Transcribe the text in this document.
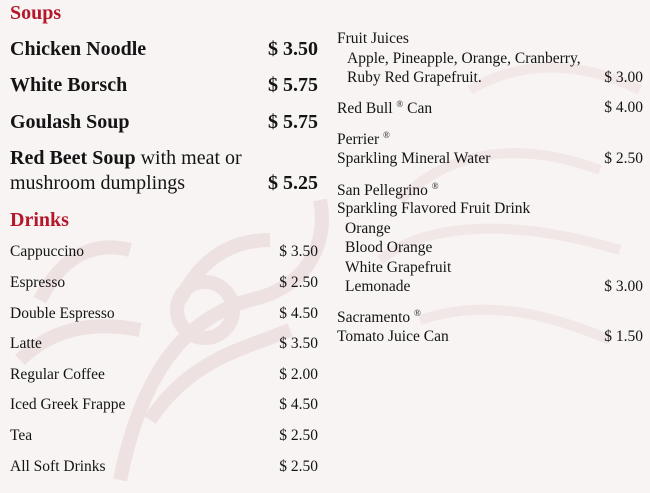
Soups
Chicken Noodle	$ 3.50
White Borsch	$ 5.75
Goulash Soup	$ 5.75
Red Beet Soup with meat or
mushroom dumplings	$ 5.25
Drinks
Cappuccino	$ 3.50
Espresso	$ 2.50
Double Espresso	$ 4.50
Latte	$ 3.50
Regular Coffee	$ 2.00
Iced Greek Frappe	$ 4.50
Tea	$ 2.50
All Soft Drinks	$ 2.50
Fruit Juices
Apple, Pineapple, Orange, Cranberry,
Ruby Red Grapefruit.	$ 3.00
Red Bull ® Can	$ 4.00
Perrier ®
Sparkling Mineral Water	$ 2.50
San Pellegrino ®
Sparkling Flavored Fruit Drink
Orange
Blood Orange
White Grapefruit
Lemonade	$ 3.00
Sacramento ®
Tomato Juice Can	$ 1.50
